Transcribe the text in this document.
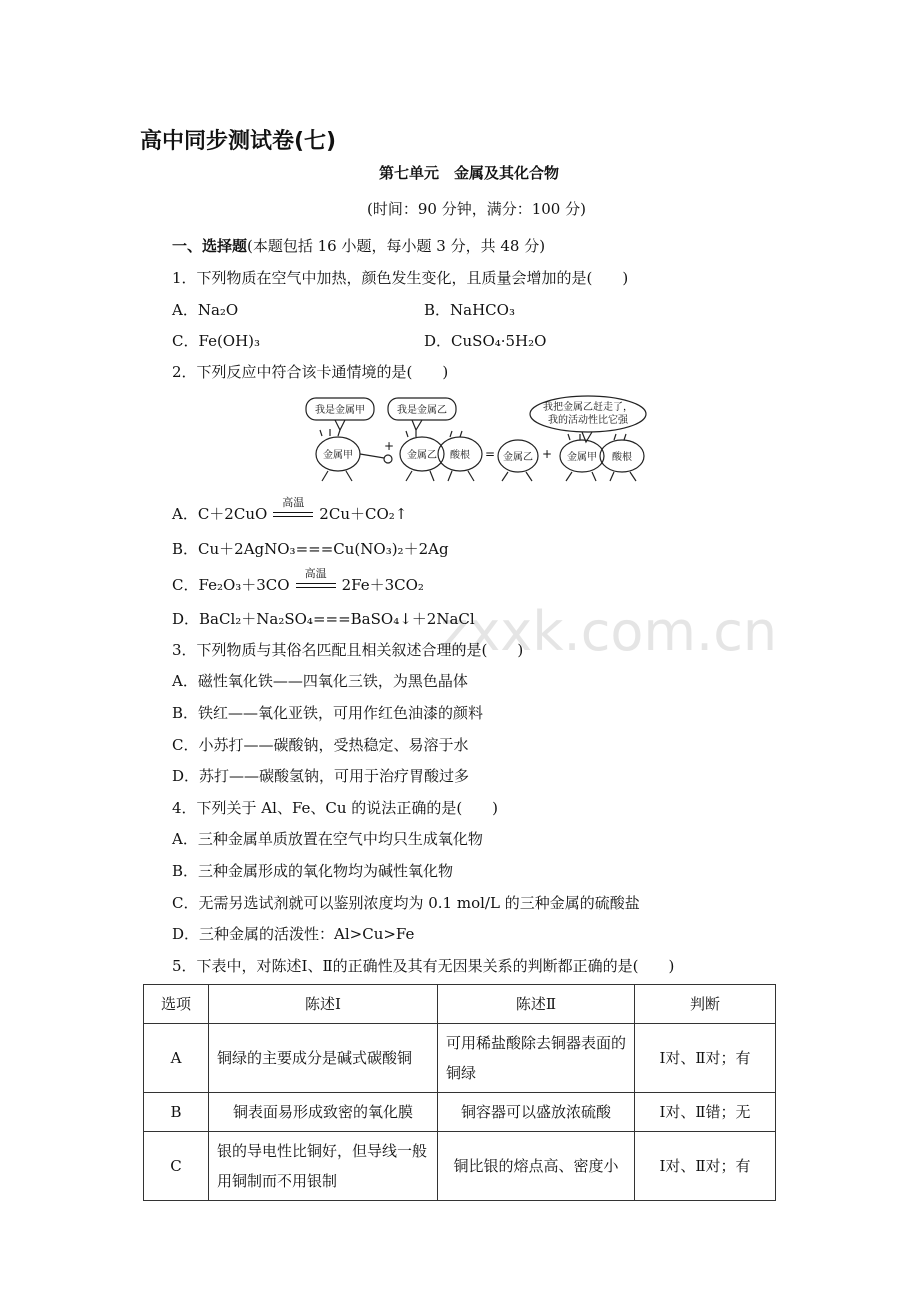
zxxk.com.cn
高中同步测试卷(七)
第七单元　金属及其化合物
(时间：90 分钟，满分：100 分)
一、选择题(本题包括 16 小题，每小题 3 分，共 48 分)
1．下列物质在空气中加热，颜色发生变化，且质量会增加的是(　　)
A．Na₂O	B．NaHCO₃
C．Fe(OH)₃	D．CuSO₄·5H₂O
2．下列反应中符合该卡通情境的是(　　)
我是金属甲	我是金属乙	我把金属乙赶走了，
我的活动性比它强
金属甲	金属乙 酸根	金属乙	金属甲 酸根
+
=	+
A．C＋2CuO
高温
2Cu＋CO₂↑
B．Cu＋2AgNO₃===Cu(NO₃)₂＋2Ag
C．Fe₂O₃＋3CO
高温
2Fe＋3CO₂
D．BaCl₂＋Na₂SO₄===BaSO₄↓＋2NaCl
3．下列物质与其俗名匹配且相关叙述合理的是(　　)
A．磁性氧化铁——四氧化三铁，为黑色晶体
B．铁红——氧化亚铁，可用作红色油漆的颜料
C．小苏打——碳酸钠，受热稳定、易溶于水
D．苏打——碳酸氢钠，可用于治疗胃酸过多
4．下列关于 Al、Fe、Cu 的说法正确的是(　　)
A．三种金属单质放置在空气中均只生成氧化物
B．三种金属形成的氧化物均为碱性氧化物
C．无需另选试剂就可以鉴别浓度均为 0.1 mol/L 的三种金属的硫酸盐
D．三种金属的活泼性：Al>Cu>Fe
5．下表中，对陈述Ⅰ、Ⅱ的正确性及其有无因果关系的判断都正确的是(　　)
选项	陈述Ⅰ	陈述Ⅱ	判断
A	铜绿的主要成分是碱式碳酸铜	可用稀盐酸除去铜器表面的铜绿	Ⅰ对、Ⅱ对；有
B	铜表面易形成致密的氧化膜	铜容器可以盛放浓硫酸	Ⅰ对、Ⅱ错；无
C	银的导电性比铜好，但导线一般用铜制而不用银制	铜比银的熔点高、密度小	Ⅰ对、Ⅱ对；有
